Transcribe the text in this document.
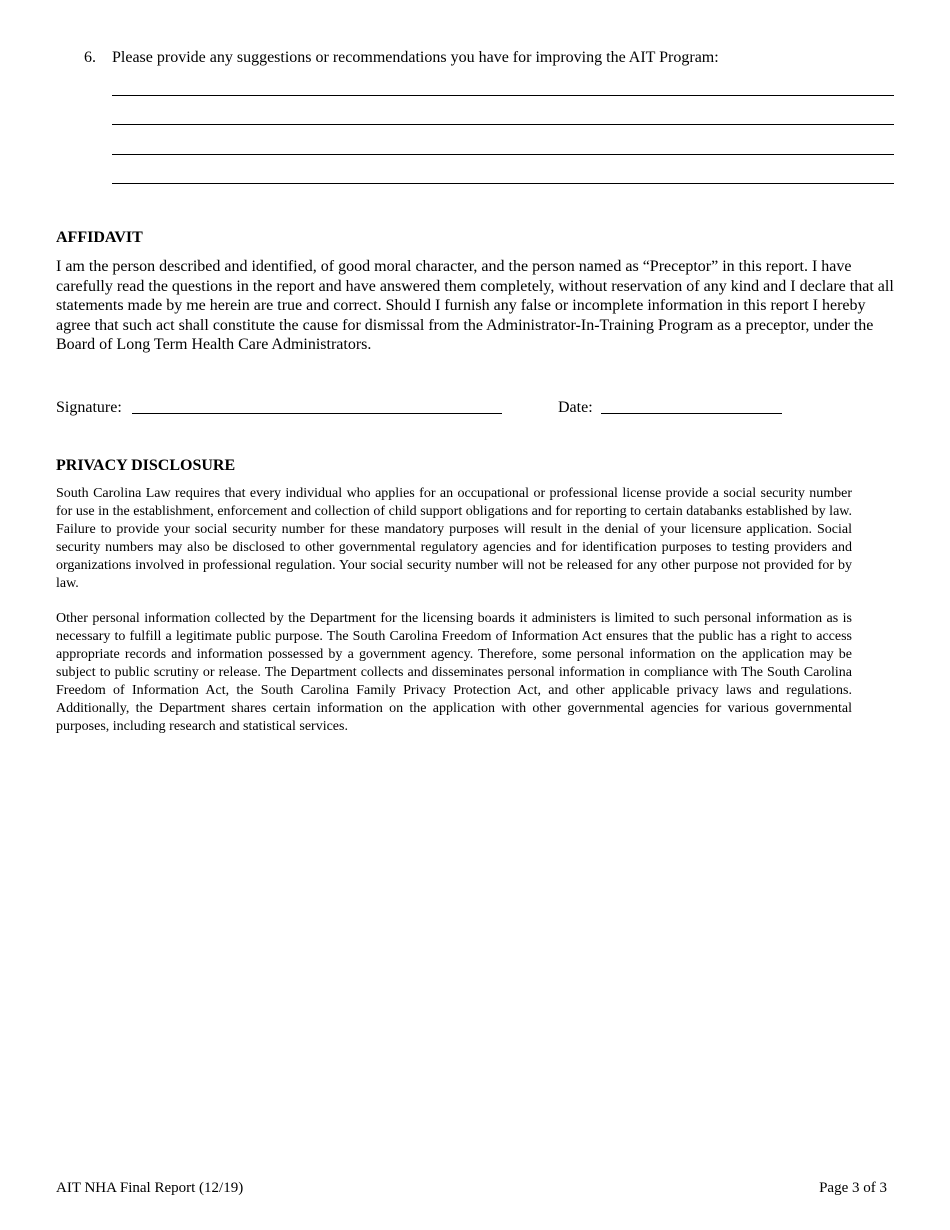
6. Please provide any suggestions or recommendations you have for improving the AIT Program:
AFFIDAVIT
I am the person described and identified, of good moral character, and the person named as “Preceptor” in this report. I have carefully read the questions in the report and have answered them completely, without reservation of any kind and I declare that all statements made by me herein are true and correct. Should I furnish any false or incomplete information in this report I hereby agree that such act shall constitute the cause for dismissal from the Administrator-In-Training Program as a preceptor, under the Board of Long Term Health Care Administrators.
Signature:	Date:
PRIVACY DISCLOSURE
South Carolina Law requires that every individual who applies for an occupational or professional license provide a social security number for use in the establishment, enforcement and collection of child support obligations and for reporting to certain databanks established by law. Failure to provide your social security number for these mandatory purposes will result in the denial of your licensure application. Social security numbers may also be disclosed to other governmental regulatory agencies and for identification purposes to testing providers and organizations involved in professional regulation. Your social security number will not be released for any other purpose not provided for by law.
Other personal information collected by the Department for the licensing boards it administers is limited to such personal information as is necessary to fulfill a legitimate public purpose. The South Carolina Freedom of Information Act ensures that the public has a right to access appropriate records and information possessed by a government agency. Therefore, some personal information on the application may be subject to public scrutiny or release. The Department collects and disseminates personal information in compliance with The South Carolina Freedom of Information Act, the South Carolina Family Privacy Protection Act, and other applicable privacy laws and regulations. Additionally, the Department shares certain information on the application with other governmental agencies for various governmental purposes, including research and statistical services.
AIT NHA Final Report (12/19)	Page 3 of 3
